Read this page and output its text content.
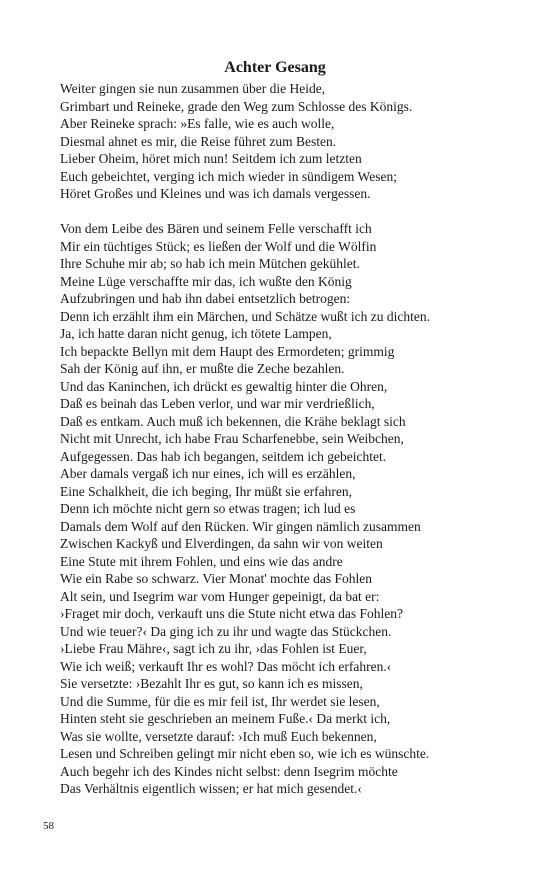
Achter Gesang
Weiter gingen sie nun zusammen über die Heide,
Grimbart und Reineke, grade den Weg zum Schlosse des Königs.
Aber Reineke sprach: »Es falle, wie es auch wolle,
Diesmal ahnet es mir, die Reise führet zum Besten.
Lieber Oheim, höret mich nun! Seitdem ich zum letzten
Euch gebeichtet, verging ich mich wieder in sündigem Wesen;
Höret Großes und Kleines und was ich damals vergessen.
Von dem Leibe des Bären und seinem Felle verschafft ich
Mir ein tüchtiges Stück; es ließen der Wolf und die Wölfin
Ihre Schuhe mir ab; so hab ich mein Mütchen gekühlet.
Meine Lüge verschaffte mir das, ich wußte den König
Aufzubringen und hab ihn dabei entsetzlich betrogen:
Denn ich erzählt ihm ein Märchen, und Schätze wußt ich zu dichten.
Ja, ich hatte daran nicht genug, ich tötete Lampen,
Ich bepackte Bellyn mit dem Haupt des Ermordeten; grimmig
Sah der König auf ihn, er mußte die Zeche bezahlen.
Und das Kaninchen, ich drückt es gewaltig hinter die Ohren,
Daß es beinah das Leben verlor, und war mir verdrießlich,
Daß es entkam. Auch muß ich bekennen, die Krähe beklagt sich
Nicht mit Unrecht, ich habe Frau Scharfenebbe, sein Weibchen,
Aufgegessen. Das hab ich begangen, seitdem ich gebeichtet.
Aber damals vergaß ich nur eines, ich will es erzählen,
Eine Schalkheit, die ich beging, Ihr müßt sie erfahren,
Denn ich möchte nicht gern so etwas tragen; ich lud es
Damals dem Wolf auf den Rücken. Wir gingen nämlich zusammen
Zwischen Kackyß und Elverdingen, da sahn wir von weiten
Eine Stute mit ihrem Fohlen, und eins wie das andre
Wie ein Rabe so schwarz. Vier Monat' mochte das Fohlen
Alt sein, und Isegrim war vom Hunger gepeinigt, da bat er:
›Fraget mir doch, verkauft uns die Stute nicht etwa das Fohlen?
Und wie teuer?‹ Da ging ich zu ihr und wagte das Stückchen.
›Liebe Frau Mähre‹, sagt ich zu ihr, ›das Fohlen ist Euer,
Wie ich weiß; verkauft Ihr es wohl? Das möcht ich erfahren.‹
Sie versetzte: ›Bezahlt Ihr es gut, so kann ich es missen,
Und die Summe, für die es mir feil ist, Ihr werdet sie lesen,
Hinten steht sie geschrieben an meinem Fuße.‹ Da merkt ich,
Was sie wollte, versetzte darauf: ›Ich muß Euch bekennen,
Lesen und Schreiben gelingt mir nicht eben so, wie ich es wünschte.
Auch begehr ich des Kindes nicht selbst: denn Isegrim möchte
Das Verhältnis eigentlich wissen; er hat mich gesendet.‹
58
